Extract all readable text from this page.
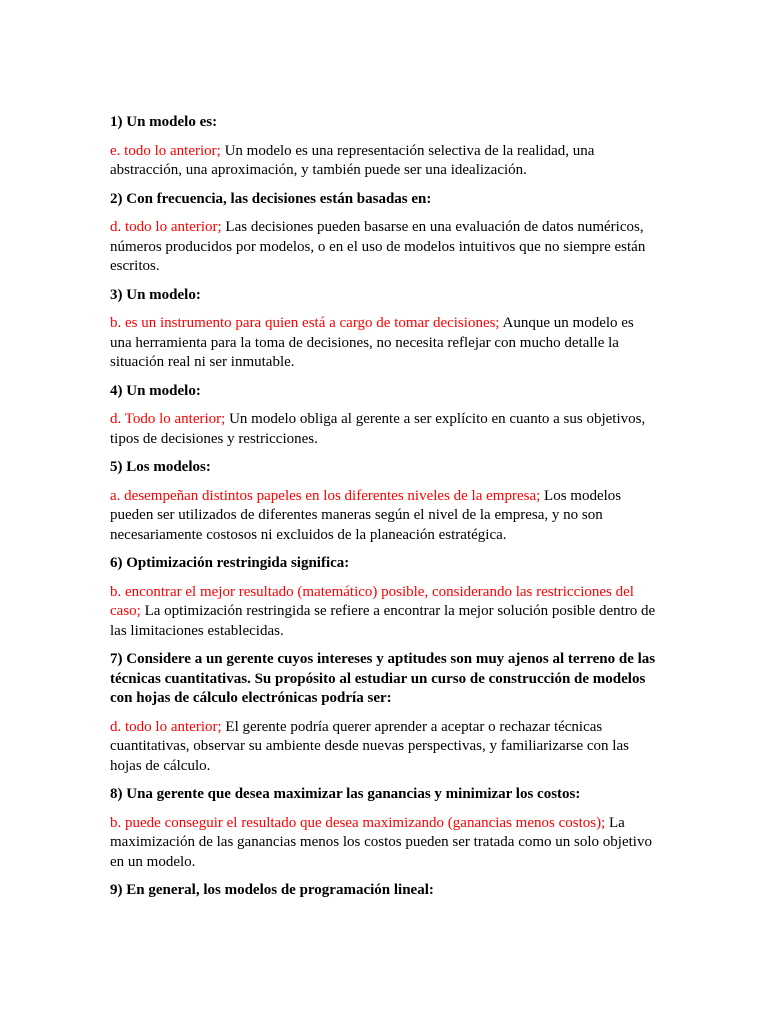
1) Un modelo es:

e. todo lo anterior; Un modelo es una representación selectiva de la realidad, una abstracción, una aproximación, y también puede ser una idealización.

2) Con frecuencia, las decisiones están basadas en:

d. todo lo anterior; Las decisiones pueden basarse en una evaluación de datos numéricos, números producidos por modelos, o en el uso de modelos intuitivos que no siempre están escritos.

3) Un modelo:

b. es un instrumento para quien está a cargo de tomar decisiones; Aunque un modelo es una herramienta para la toma de decisiones, no necesita reflejar con mucho detalle la situación real ni ser inmutable.

4) Un modelo:

d. Todo lo anterior; Un modelo obliga al gerente a ser explícito en cuanto a sus objetivos, tipos de decisiones y restricciones.

5) Los modelos:

a. desempeñan distintos papeles en los diferentes niveles de la empresa; Los modelos pueden ser utilizados de diferentes maneras según el nivel de la empresa, y no son necesariamente costosos ni excluidos de la planeación estratégica.

6) Optimización restringida significa:

b. encontrar el mejor resultado (matemático) posible, considerando las restricciones del caso; La optimización restringida se refiere a encontrar la mejor solución posible dentro de las limitaciones establecidas.

7) Considere a un gerente cuyos intereses y aptitudes son muy ajenos al terreno de las técnicas cuantitativas. Su propósito al estudiar un curso de construcción de modelos con hojas de cálculo electrónicas podría ser:

d. todo lo anterior; El gerente podría querer aprender a aceptar o rechazar técnicas cuantitativas, observar su ambiente desde nuevas perspectivas, y familiarizarse con las hojas de cálculo.

8) Una gerente que desea maximizar las ganancias y minimizar los costos:

b. puede conseguir el resultado que desea maximizando (ganancias menos costos); La maximización de las ganancias menos los costos pueden ser tratada como un solo objetivo en un modelo.

9) En general, los modelos de programación lineal:
